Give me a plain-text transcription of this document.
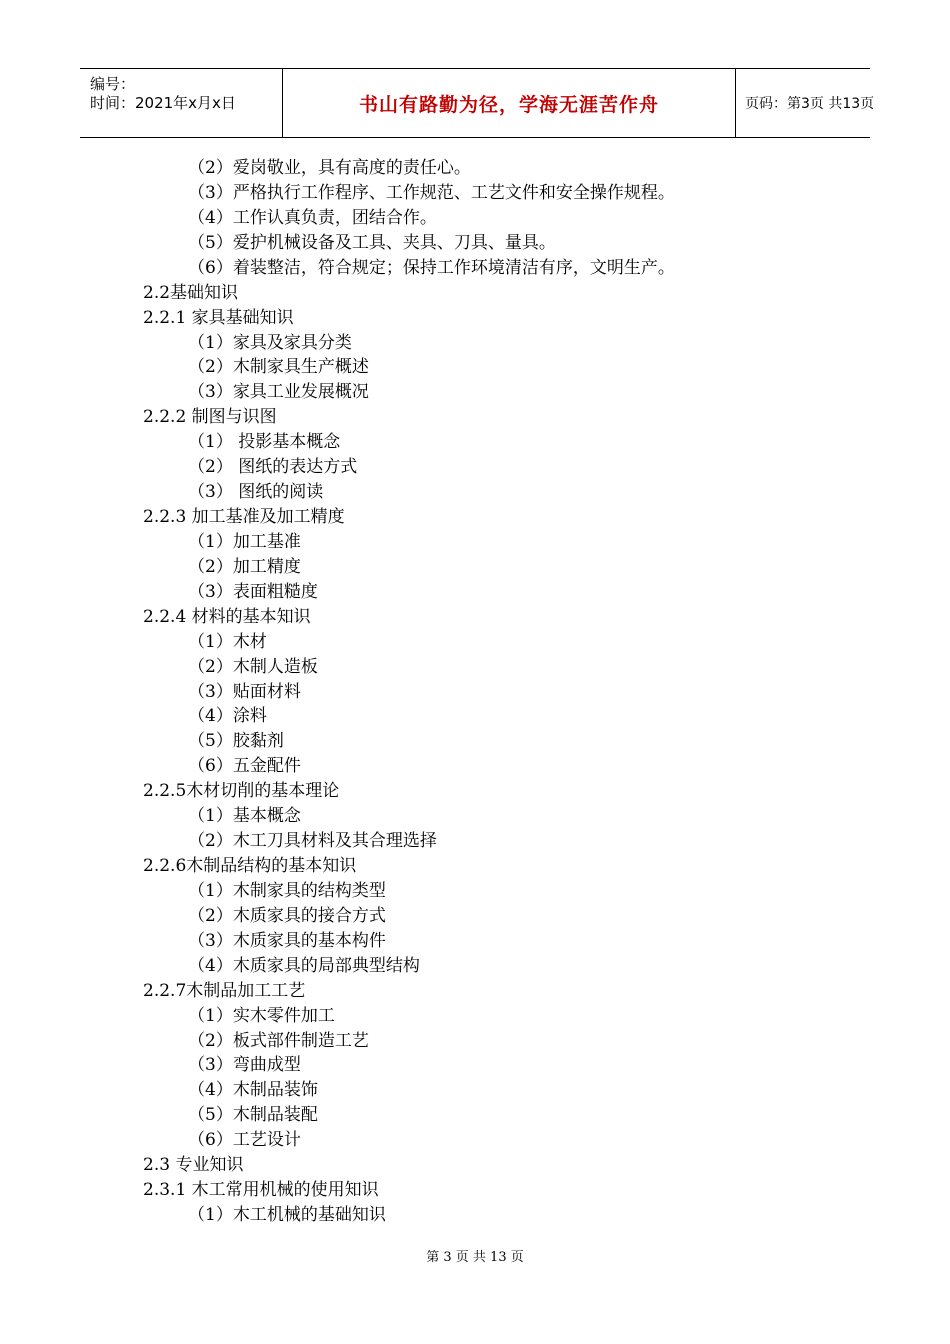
编号：
时间：2021年x月x日	书山有路勤为径，学海无涯苦作舟	页码：第3页 共13页
（2）爱岗敬业，具有高度的责任心。
（3）严格执行工作程序、工作规范、工艺文件和安全操作规程。
（4）工作认真负责，团结合作。
（5）爱护机械设备及工具、夹具、刀具、量具。
（6）着装整洁，符合规定；保持工作环境清洁有序，文明生产。
2.2基础知识
2.2.1 家具基础知识
（1）家具及家具分类
（2）木制家具生产概述
（3）家具工业发展概况
2.2.2 制图与识图
（1） 投影基本概念
（2） 图纸的表达方式
（3） 图纸的阅读
2.2.3 加工基准及加工精度
（1）加工基准
（2）加工精度
（3）表面粗糙度
2.2.4 材料的基本知识
（1）木材
（2）木制人造板
（3）贴面材料
（4）涂料
（5）胶黏剂
（6）五金配件
2.2.5木材切削的基本理论
（1）基本概念
（2）木工刀具材料及其合理选择
2.2.6木制品结构的基本知识
（1）木制家具的结构类型
（2）木质家具的接合方式
（3）木质家具的基本构件
（4）木质家具的局部典型结构
2.2.7木制品加工工艺
（1）实木零件加工
（2）板式部件制造工艺
（3）弯曲成型
（4）木制品装饰
（5）木制品装配
（6）工艺设计
2.3 专业知识
2.3.1 木工常用机械的使用知识
（1）木工机械的基础知识
第 3 页 共 13 页
